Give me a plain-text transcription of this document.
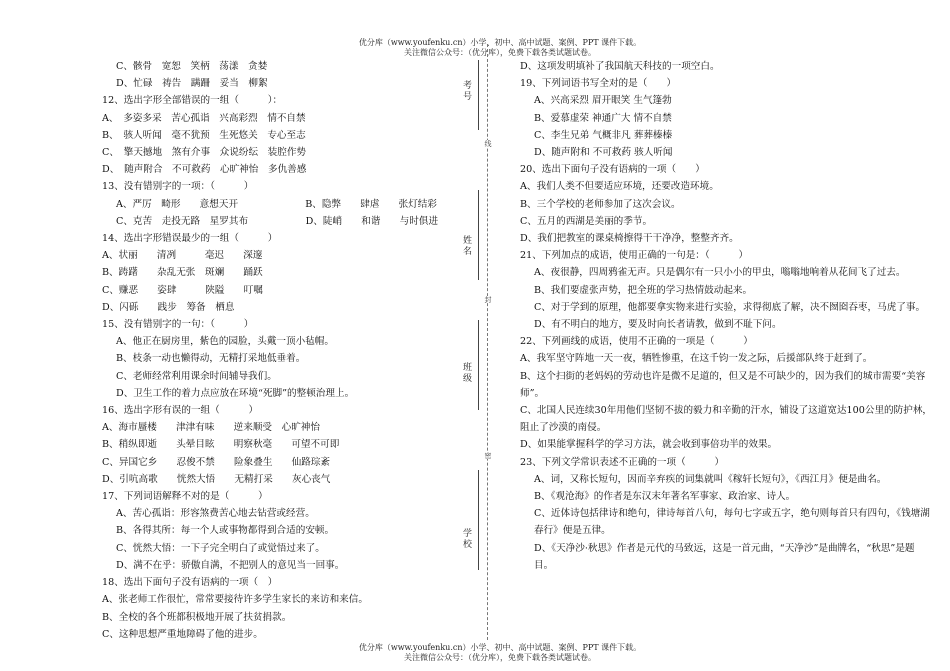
优分库（www.youfenku.cn）小学、初中、高中试题、案例、PPT 课件下载。
关注微信公众号：（优分库），免费下载各类试题试卷。
优分库（www.youfenku.cn）小学、初中、高中试题、案例、PPT 课件下载。
关注微信公众号：（优分库），免费下载各类试题试卷。
考号
姓名
班级
学校
线
封
密
C、骸骨　宽恕　笑柄　荡漾　贪婪
D、忙碌　祷告　蹒跚　妥当　柳絮
12、选出字形全部错误的一组（　　　）：
A、　多姿多采　苦心孤诣　兴高彩烈　情不自禁
B、　骇人听闻　毫不犹预　生死悠关　专心至志
C、　擎天撼地　煞有介事　众说纷纭　装腔作势
D、　随声附合　不可救药　心旷神怡　多仇善感
13、没有错别字的一项：（　　　）
A、严厉　畸形　　意想天开　　　　　　　B、隐弊　　肆虐　　张灯结彩
C、克苦　走投无路　星罗其布　　　　　　D、陡峭　　和谐　　与时俱进
14、选出字形错误最少的一组（　　　）
A、状丽　　清冽　　　毫迟　　深邃
B、踌躇　　杂乱无张　斑斓　　踊跃
C、赚恶　　姿肆　　　陕隘　　叮嘱
D、闪砾　　践步　筹备　栖息
15、没有错别字的一句：（　　　）
A、他正在厨房里，紫色的园脸，头戴一顶小毡帽。
B、枝条一动也懒得动，无精打采地低垂着。
C、老师经常利用课余时间辅导我们。
D、卫生工作的着力点应放在环境“死脚”的整顿治理上。
16、选出字形有误的一组（　　　）
A、海市蜃楼　　津津有味　　逆来顺受　心旷神怡
B、稍纵即逝　　头晕目眩　　明察秋毫　　可望不可即
C、异国它乡　　忍俊不禁　　险象叠生　　仙路琮紊
D、引吭高歌　　恍然大悟　　无精打采　　灰心丧气
17、下列词语解释不对的是（　　　）
A、苦心孤诣：形容煞费苦心地去钻营或经营。
B、各得其所：每一个人或事物都得到合适的安顿。
C、恍然大悟：一下子完全明白了或觉悟过来了。
D、满不在乎：骄傲自满，不把别人的意见当一回事。
18、选出下面句子没有语病的一项（　）
A、张老师工作很忙，常常要接待许多学生家长的来访和来信。
B、全校的各个班都积极地开展了扶贫捐款。
C、这种思想严重地障碍了他的进步。
D、这项发明填补了我国航天科技的一项空白。
19、下列词语书写全对的是（　　）
A、兴高采烈 眉开眼笑 生气篷勃
B、爱慕虚荣 神通广大 情不自禁
C、李生兄弟 气概非凡 葬葬榛榛
D、随声附和 不可救药 骇人听闻
20、选出下面句子没有语病的一项（　　）
A、我们人类不但要适应环境，还要改造环境。
B、三个学校的老师参加了这次会议。
C、五月的西湖是美丽的季节。
D、我们把教室的课桌椅擦得干干净净，整整齐齐。
21、下列加点的成语，使用正确的一句是：（　　　）
A、夜很静，四周鸦雀无声。只是偶尔有一只小小的甲虫，嗡嗡地响着从花间飞了过去。
B、我们要虚张声势，把全班的学习热情鼓动起来。
C、对于学到的原理，他都要拿实物来进行实验，求得彻底了解，决不囫囵吞枣，马虎了事。
D、有不明白的地方，要及时向长者请教，做到不耻下问。
22、下列画线的成语，使用不正确的一项是（　　　）
A、我军坚守阵地一天一夜，牺牲惨重，在这千钧一发之际，后援部队终于赶到了。
B、这个扫街的老妈妈的劳动也许是微不足道的，但又是不可缺少的，因为我们的城市需要“美容师”。
C、北国人民连续30年用他们坚韧不拔的毅力和辛勤的汗水，铺设了这道宽达100公里的防护林，阻止了沙漠的南侵。
D、如果能掌握科学的学习方法，就会收到事倍功半的效果。
23、下列文学常识表述不正确的一项（　　　）
A、词，又称长短句，因而辛弃疾的词集就叫《稼轩长短句》，《西江月》便是曲名。
B、《观沧海》的作者是东汉末年著名军事家、政治家、诗人。
C、近体诗包括律诗和绝句，律诗每首八句，每句七字或五字，绝句则每首只有四句，《钱塘湖春行》便是五律。
D、《天净沙·秋思》作者是元代的马致远，这是一首元曲，“天净沙”是曲牌名，“秋思”是题目。
